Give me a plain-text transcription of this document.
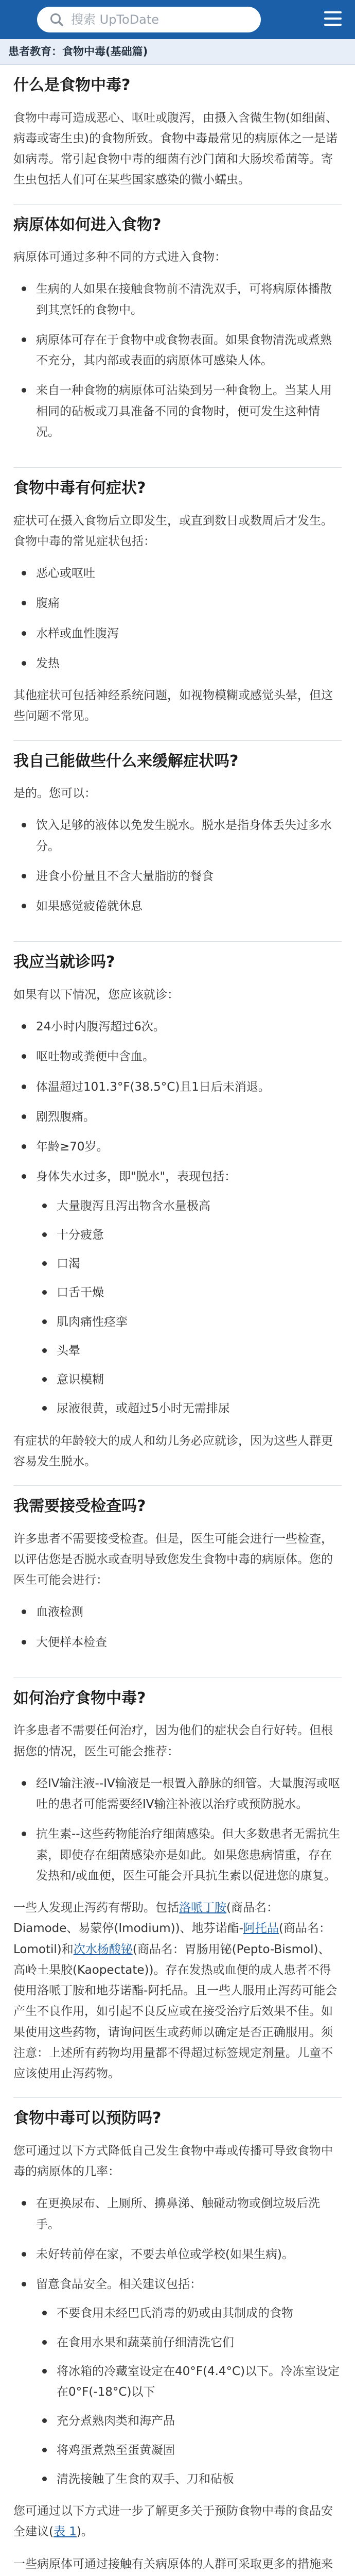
搜索 UpToDate
患者教育：食物中毒(基础篇)
什么是食物中毒?

食物中毒可造成恶心、呕吐或腹泻，由摄入含微生物(如细菌、病毒或寄生虫)的食物所致。食物中毒最常见的病原体之一是诺如病毒。常引起食物中毒的细菌有沙门菌和大肠埃希菌等。寄生虫包括人们可在某些国家感染的微小蠕虫。

病原体如何进入食物?

病原体可通过多种不同的方式进入食物：

生病的人如果在接触食物前不清洗双手，可将病原体播散到其烹饪的食物中。
病原体可存在于食物中或食物表面。如果食物清洗或煮熟不充分，其内部或表面的病原体可感染人体。
来自一种食物的病原体可沾染到另一种食物上。当某人用相同的砧板或刀具准备不同的食物时，便可发生这种情况。
食物中毒有何症状?

症状可在摄入食物后立即发生，或直到数日或数周后才发生。食物中毒的常见症状包括：

恶心或呕吐
腹痛
水样或血性腹泻
发热

其他症状可包括神经系统问题，如视物模糊或感觉头晕，但这些问题不常见。

我自己能做些什么来缓解症状吗?

是的。您可以：

饮入足够的液体以免发生脱水。脱水是指身体丢失过多水分。
进食小份量且不含大量脂肪的餐食
如果感觉疲倦就休息
我应当就诊吗?

如果有以下情况，您应该就诊：

24小时内腹泻超过6次。
呕吐物或粪便中含血。
体温超过101.3°F(38.5°C)且1日后未消退。
剧烈腹痛。
年龄≥70岁。
身体失水过多，即"脱水"，表现包括：
大量腹泻且泻出物含水量极高
十分疲惫
口渴
口舌干燥
肌肉痛性痉挛
头晕
意识模糊
尿液很黄，或超过5小时无需排尿

有症状的年龄较大的成人和幼儿务必应就诊，因为这些人群更容易发生脱水。

我需要接受检查吗?

许多患者不需要接受检查。但是，医生可能会进行一些检查，以评估您是否脱水或查明导致您发生食物中毒的病原体。您的医生可能会进行：

血液检测
大便样本检查
如何治疗食物中毒?

许多患者不需要任何治疗，因为他们的症状会自行好转。但根据您的情况，医生可能会推荐：

经IV输注液--IV输液是一根置入静脉的细管。大量腹泻或呕吐的患者可能需要经IV输注补液以治疗或预防脱水。
抗生素--这些药物能治疗细菌感染。但大多数患者无需抗生素，即使存在细菌感染亦是如此。如果您患病情重，存在发热和/或血便，医生可能会开具抗生素以促进您的康复。

一些人发现止泻药有帮助。包括洛哌丁胺(商品名：Diamode、易蒙停(Imodium))、地芬诺酯-阿托品(商品名：Lomotil)和次水杨酸铋(商品名：胃肠用铋(Pepto-Bismol)、高岭土果胶(Kaopectate))。存在发热或血便的成人患者不得使用洛哌丁胺和地芬诺酯-阿托品。且一些人服用止泻药可能会产生不良作用，如引起不良反应或在接受治疗后效果不佳。如果使用这些药物，请询问医生或药师以确定是否正确服用。须注意：上述所有药物均用量都不得超过标签规定剂量。儿童不应该使用止泻药物。

食物中毒可以预防吗?

您可通过以下方式降低自己发生食物中毒或传播可导致食物中毒的病原体的几率：

在更换尿布、上厕所、擤鼻涕、触碰动物或倒垃圾后洗手。
未好转前停在家，不要去单位或学校(如果生病)。
留意食品安全。相关建议包括：
不要食用未经巴氏消毒的奶或由其制成的食物
在食用水果和蔬菜前仔细清洗它们
将冰箱的冷藏室设定在40°F(4.4°C)以下。冷冻室设定在0°F(-18°C)以下
充分煮熟肉类和海产品
将鸡蛋煮熟至蛋黄凝固
清洗接触了生食的双手、刀和砧板

您可通过以下方式进一步了解更多关于预防食物中毒的食品安全建议(表 1)。

一些病原体可通过接触有关病原体的人群可采取更多的措施来
